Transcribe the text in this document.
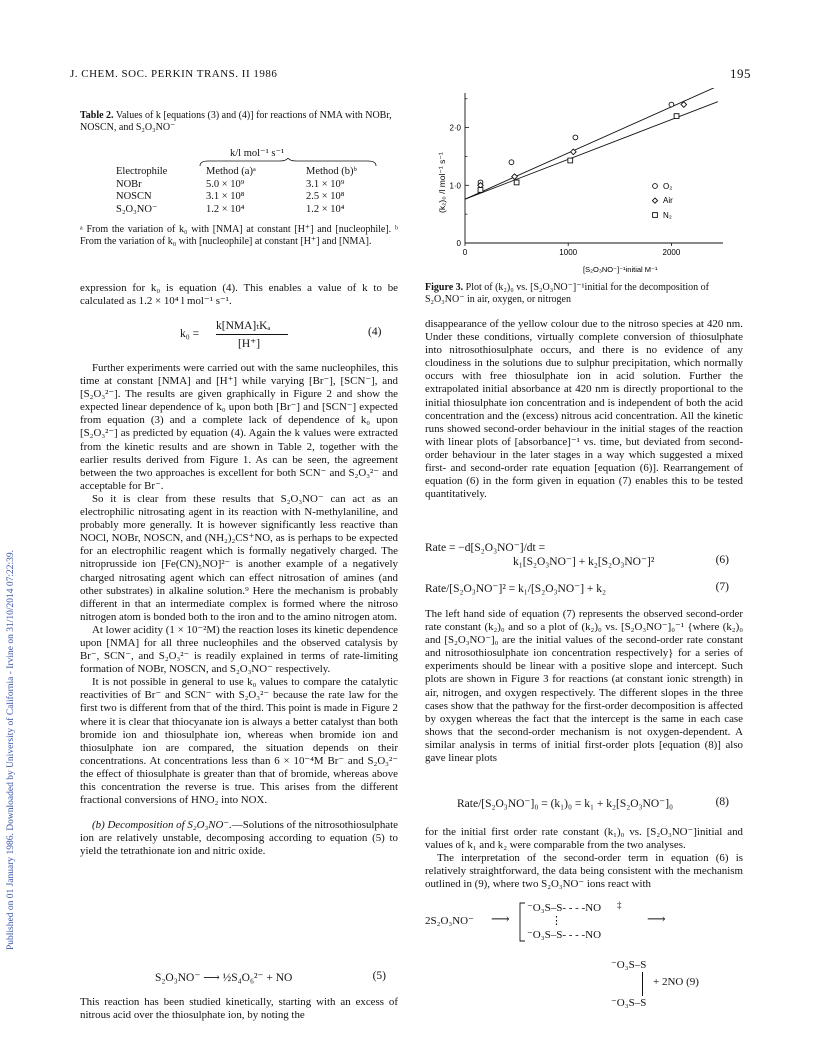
Published on 01 January 1986. Downloaded by University of California - Irvine on 31/10/2014 07:22:39.
J. CHEM. SOC. PERKIN TRANS. II 1986	195
Table 2. Values of k [equations (3) and (4)] for reactions of NMA with NOBr, NOSCN, and S₂O₃NO⁻
k/l mol⁻¹ s⁻¹
Electrophile	Method (a)ᵃ	Method (b)ᵇ
NOBr	5.0 × 10⁹	3.1 × 10⁹
NOSCN	3.1 × 10⁸	2.5 × 10⁸
S₂O₃NO⁻	1.2 × 10⁴	1.2 × 10⁴
ᵃ From the variation of k₀ with [NMA] at constant [H⁺] and [nucleophile]. ᵇ From the variation of k₀ with [nucleophile] at constant [H⁺] and [NMA].
(k₂)₀ /l mol⁻¹ s⁻¹
[S₂O₃NO⁻]⁻¹initial M⁻¹
0
1·0
2·0
0	1000	2000
O₂
Air
N₂
Figure 3. Plot of (k₂)₀ vs. [S₂O₃NO⁻]⁻¹initial for the decomposition of S₂O₃NO⁻ in air, oxygen, or nitrogen

expression for k₀ is equation (4). This enables a value of k to be calculated as 1.2 × 10⁴ l mol⁻¹ s⁻¹.

k₀ =
k[NMA]ₜKₐ
[H⁺]
(4)

Further experiments were carried out with the same nucleophiles, this time at constant [NMA] and [H⁺] while varying [Br⁻], [SCN⁻], and [S₂O₃²⁻]. The results are given graphically in Figure 2 and show the expected linear dependence of k₀ upon both [Br⁻] and [SCN⁻] expected from equation (3) and a complete lack of dependence of k₀ upon [S₂O₃²⁻] as predicted by equation (4). Again the k values were extracted from the kinetic results and are shown in Table 2, together with the earlier results derived from Figure 1. As can be seen, the agreement between the two approaches is excellent for both SCN⁻ and S₂O₃²⁻ and acceptable for Br⁻.

So it is clear from these results that S₂O₃NO⁻ can act as an electrophilic nitrosating agent in its reaction with N-methylaniline, and probably more generally. It is however significantly less reactive than NOCl, NOBr, NOSCN, and (NH₂)₂CS⁺NO, as is perhaps to be expected for an electrophilic reagent which is formally negatively charged. The nitroprusside ion [Fe(CN)₅NO]²⁻ is another example of a negatively charged nitrosating agent which can effect nitrosation of amines (and other substrates) in alkaline solution.⁹ Here the mechanism is probably different in that an intermediate complex is formed where the nitroso nitrogen atom is bonded both to the iron and to the amino nitrogen atom.

At lower acidity (1 × 10⁻²M) the reaction loses its kinetic dependence upon [NMA] for all three nucleophiles and the observed catalysis by Br⁻, SCN⁻, and S₂O₃²⁻ is readily explained in terms of rate-limiting formation of NOBr, NOSCN, and S₂O₃NO⁻ respectively.

It is not possible in general to use k₀ values to compare the catalytic reactivities of Br⁻ and SCN⁻ with S₂O₃²⁻ because the rate law for the first two is different from that of the third. This point is made in Figure 2 where it is clear that thiocyanate ion is always a better catalyst than both bromide ion and thiosulphate ion, whereas when bromide ion and thiosulphate ion are compared, the situation depends on their concentrations. At concentrations less than 6 × 10⁻⁴M Br⁻ and S₂O₃²⁻ the effect of thiosulphate is greater than that of bromide, whereas above this concentration the reverse is true. This arises from the different fractional conversions of HNO₂ into NOX.

(b) Decomposition of S₂O₃NO⁻.—Solutions of the nitrosothiosulphate ion are relatively unstable, decomposing according to equation (5) to yield the tetrathionate ion and nitric oxide.

S₂O₃NO⁻ ⟶ ½S₄O₆²⁻ + NO	(5)

This reaction has been studied kinetically, starting with an excess of nitrous acid over the thiosulphate ion, by noting the

disappearance of the yellow colour due to the nitroso species at 420 nm. Under these conditions, virtually complete conversion of thiosulphate into nitrosothiosulphate occurs, and there is no evidence of any cloudiness in the solutions due to sulphur precipitation, which normally occurs with free thiosulphate ion in acid solution. Further the extrapolated initial absorbance at 420 nm is directly proportional to the initial thiosulphate ion concentration and is independent of both the acid concentration and the (excess) nitrous acid concentration. All the kinetic runs showed second-order behaviour in the initial stages of the reaction with linear plots of [absorbance]⁻¹ vs. time, but deviated from second-order behaviour in the later stages in a way which suggested a mixed first- and second-order rate equation [equation (6)]. Rearrangement of equation (6) in the form given in equation (7) enables this to be tested quantitatively.

Rate = −d[S₂O₃NO⁻]/dt =
k₁[S₂O₃NO⁻] + k₂[S₂O₃NO⁻]²	(6)
Rate/[S₂O₃NO⁻]² = k₁/[S₂O₃NO⁻] + k₂	(7)

The left hand side of equation (7) represents the observed second-order rate constant (k₂)₀ and so a plot of (k₂)₀ vs. [S₂O₃NO⁻]₀⁻¹ {where (k₂)₀ and [S₂O₃NO⁻]₀ are the initial values of the second-order rate constant and nitrosothiosulphate ion concentration respectively} for a series of experiments should be linear with a positive slope and intercept. Such plots are shown in Figure 3 for reactions (at constant ionic strength) in air, nitrogen, and oxygen respectively. The different slopes in the three cases show that the pathway for the first-order decomposition is affected by oxygen whereas the fact that the intercept is the same in each case shows that the second-order mechanism is not oxygen-dependent. A similar analysis in terms of initial first-order plots [equation (8)] also gave linear plots

Rate/[S₂O₃NO⁻]₀ = (k₁)₀ = k₁ + k₂[S₂O₃NO⁻]₀	(8)

for the initial first order rate constant (k₁)₀ vs. [S₂O₃NO⁻]initial and values of k₁ and k₂ were comparable from the two analyses.

The interpretation of the second-order term in equation (6) is relatively straightforward, the data being consistent with the mechanism outlined in (9), where two S₂O₃NO⁻ ions react with

2S₂O₃NO⁻ ⟶
⁻O₃S–S- - - -NO
⋮
⁻O₃S–S- - - -NO
‡
⟶
⁻O₃S–S
⁻O₃S–S
+ 2NO (9)
